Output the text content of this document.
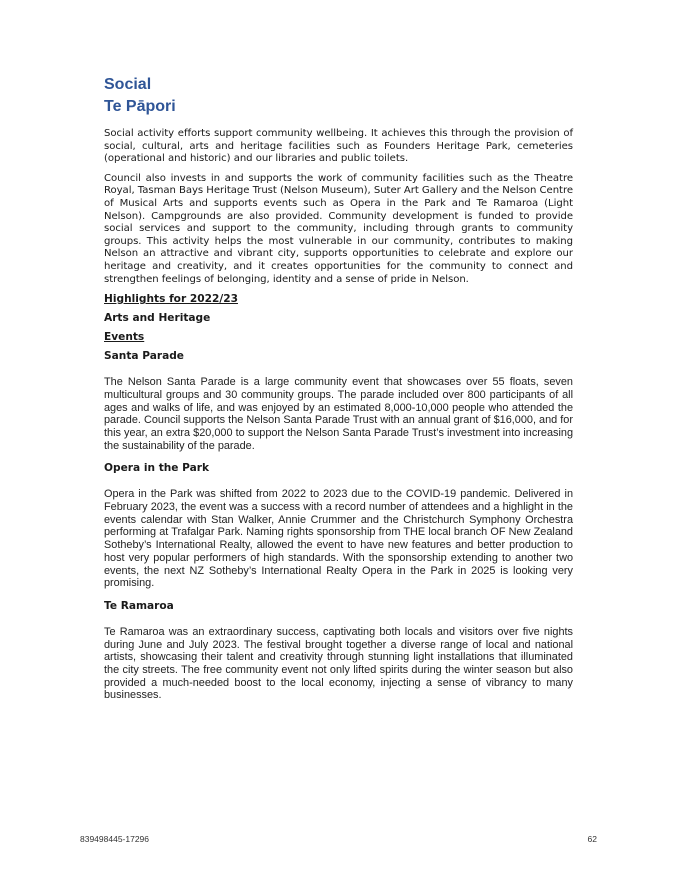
Social
Te Pāpori

Social activity efforts support community wellbeing. It achieves this through the provision of social, cultural, arts and heritage facilities such as Founders Heritage Park, cemeteries (operational and historic) and our libraries and public toilets.

Council also invests in and supports the work of community facilities such as the Theatre Royal, Tasman Bays Heritage Trust (Nelson Museum), Suter Art Gallery and the Nelson Centre of Musical Arts and supports events such as Opera in the Park and Te Ramaroa (Light Nelson). Campgrounds are also provided. Community development is funded to provide social services and support to the community, including through grants to community groups. This activity helps the most vulnerable in our community, contributes to making Nelson an attractive and vibrant city, supports opportunities to celebrate and explore our heritage and creativity, and it creates opportunities for the community to connect and strengthen feelings of belonging, identity and a sense of pride in Nelson.

Highlights for 2022/23
Arts and Heritage
Events
Santa Parade
The Nelson Santa Parade is a large community event that showcases over 55 floats, seven multicultural groups and 30 community groups. The parade included over 800 participants of all ages and walks of life, and was enjoyed by an estimated 8,000-10,000 people who attended the parade. Council supports the Nelson Santa Parade Trust with an annual grant of $16,000, and for this year, an extra $20,000 to support the Nelson Santa Parade Trust’s investment into increasing the sustainability of the parade.
Opera in the Park
Opera in the Park was shifted from 2022 to 2023 due to the COVID-19 pandemic. Delivered in February 2023, the event was a success with a record number of attendees and a highlight in the events calendar with Stan Walker, Annie Crummer and the Christchurch Symphony Orchestra performing at Trafalgar Park. Naming rights sponsorship from THE local branch OF New Zealand Sotheby’s International Realty, allowed the event to have new features and better production to host very popular performers of high standards. With the sponsorship extending to another two events, the next NZ Sotheby’s International Realty Opera in the Park in 2025 is looking very promising.
Te Ramaroa
Te Ramaroa was an extraordinary success, captivating both locals and visitors over five nights during June and July 2023. The festival brought together a diverse range of local and national artists, showcasing their talent and creativity through stunning light installations that illuminated the city streets. The free community event not only lifted spirits during the winter season but also provided a much-needed boost to the local economy, injecting a sense of vibrancy to many businesses.
839498445-17296	62
